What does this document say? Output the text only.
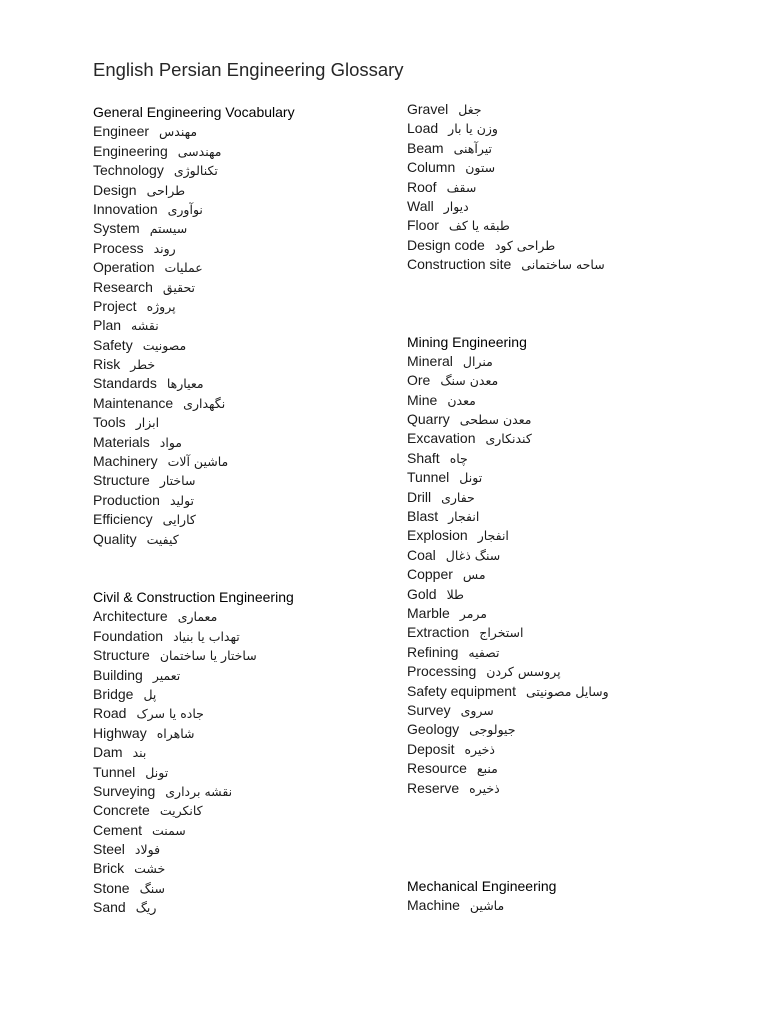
English Persian Engineering Glossary
General Engineering Vocabulary
Engineer مهندس
Engineering مهندسی
Technology تکنالوژی
Design طراحی
Innovation نوآوری
System سیستم
Process روند
Operation عملیات
Research تحقیق
Project پروژه
Plan نقشه
Safety مصونیت
Risk خطر
Standards معیارها
Maintenance نگهداری
Tools ابزار
Materials مواد
Machinery ماشین آلات
Structure ساختار
Production تولید
Efficiency کارایی
Quality کیفیت
Civil & Construction Engineering
Architecture معماری
Foundation تهداب یا بنیاد
Structure ساختار یا ساختمان
Building تعمیر
Bridge پل
Road جاده یا سرک
Highway شاهراه
Dam بند
Tunnel تونل
Surveying نقشه برداری
Concrete کانکریت
Cement سمنت
Steel فولاد
Brick خشت
Stone سنگ
Sand ریگ
Gravel جغل
Load وزن یا بار
Beam تیرآهنی
Column ستون
Roof سقف
Wall دیوار
Floor طبقه یا کف
Design code طراحی کود
Construction site ساحه ساختمانی
Mining Engineering
Mineral منرال
Ore معدن سنگ
Mine معدن
Quarry معدن سطحی
Excavation کندنکاری
Shaft چاه
Tunnel تونل
Drill حفاری
Blast انفجار
Explosion انفجار
Coal سنگ ذغال
Copper مس
Gold طلا
Marble مرمر
Extraction استخراج
Refining تصفیه
Processing پروسس کردن
Safety equipment وسایل مصونیتی
Survey سروی
Geology جیولوجی
Deposit ذخیره
Resource منبع
Reserve ذخیره
Mechanical Engineering
Machine ماشین
